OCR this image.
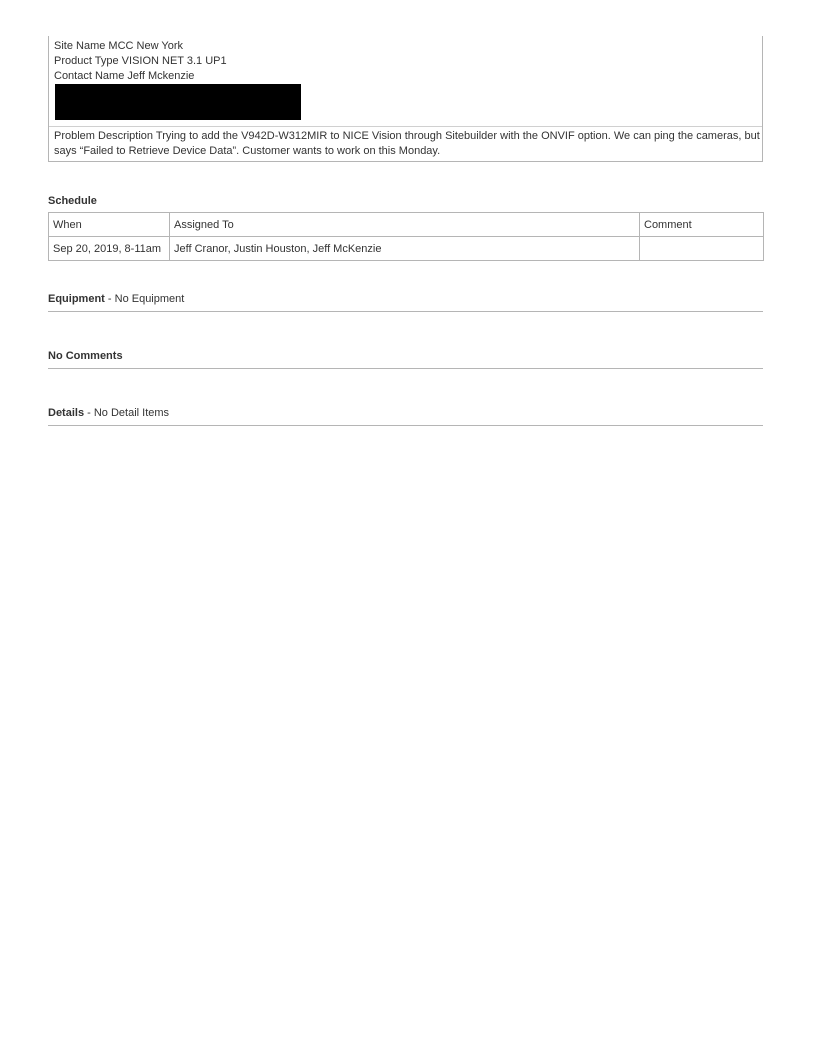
Site Name MCC New York
Product Type VISION NET 3.1 UP1
Contact Name Jeff Mckenzie
Problem Description Trying to add the V942D-W312MIR to NICE Vision through Sitebuilder with the ONVIF option. We can ping the cameras, but says “Failed to Retrieve Device Data”. Customer wants to work on this Monday.
Schedule
When	Assigned To	Comment
Sep 20, 2019, 8-11am	Jeff Cranor, Justin Houston, Jeff McKenzie	
Equipment - No Equipment
No Comments
Details - No Detail Items
